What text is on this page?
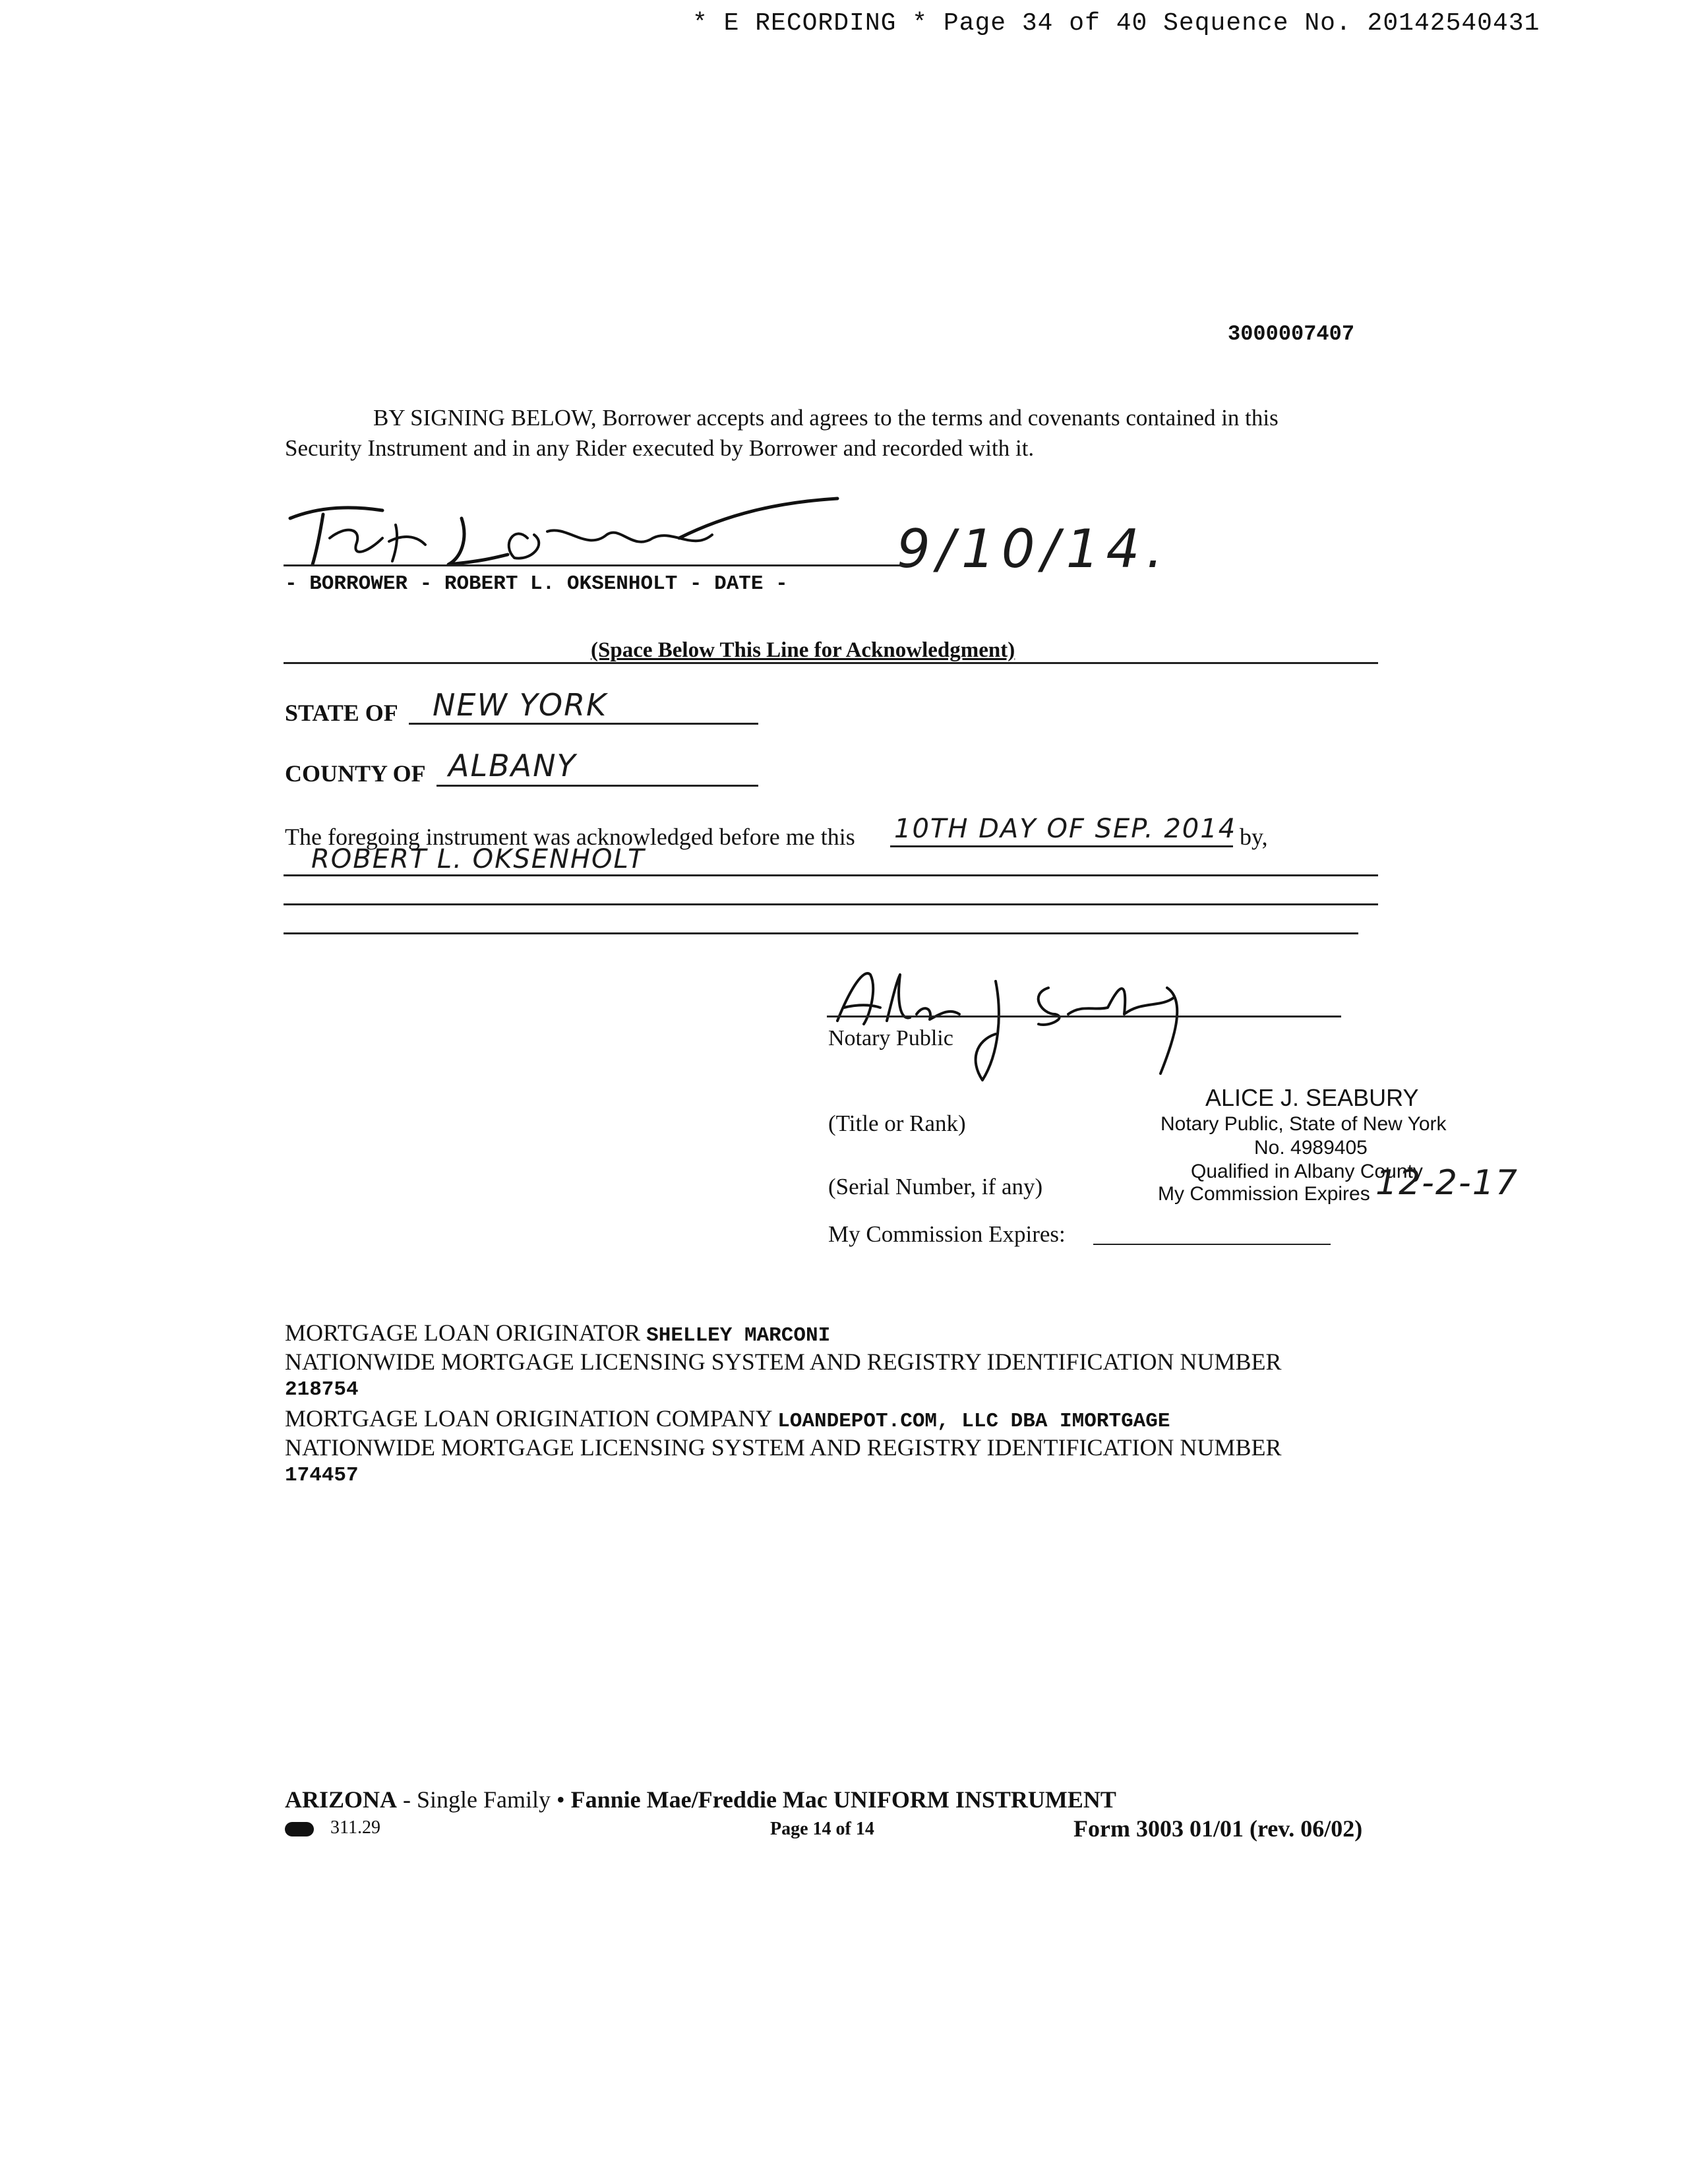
* E RECORDING * Page 34 of 40 Sequence No. 20142540431
3000007407
BY SIGNING BELOW, Borrower accepts and agrees to the terms and covenants contained in this
Security Instrument and in any Rider executed by Borrower and recorded with it.
9/10/14.
- BORROWER - ROBERT L. OKSENHOLT - DATE -
(Space Below This Line for Acknowledgment)
STATE OF NEW YORK
COUNTY OF ALBANY
The foregoing instrument was acknowledged before me this 10TH DAY OF SEP. 2014 by,
ROBERT L. OKSENHOLT
Notary Public
(Title or Rank)
(Serial Number, if any)
My Commission Expires:
ALICE J. SEABURY
Notary Public, State of New York
No. 4989405
Qualified in Albany County
My Commission Expires 12-2-17
MORTGAGE LOAN ORIGINATOR SHELLEY MARCONI
NATIONWIDE MORTGAGE LICENSING SYSTEM AND REGISTRY IDENTIFICATION NUMBER
218754
MORTGAGE LOAN ORIGINATION COMPANY LOANDEPOT.COM, LLC DBA IMORTGAGE
NATIONWIDE MORTGAGE LICENSING SYSTEM AND REGISTRY IDENTIFICATION NUMBER
174457
ARIZONA - Single Family • Fannie Mae/Freddie Mac UNIFORM INSTRUMENT
311.29	Page 14 of 14	Form 3003 01/01 (rev. 06/02)
